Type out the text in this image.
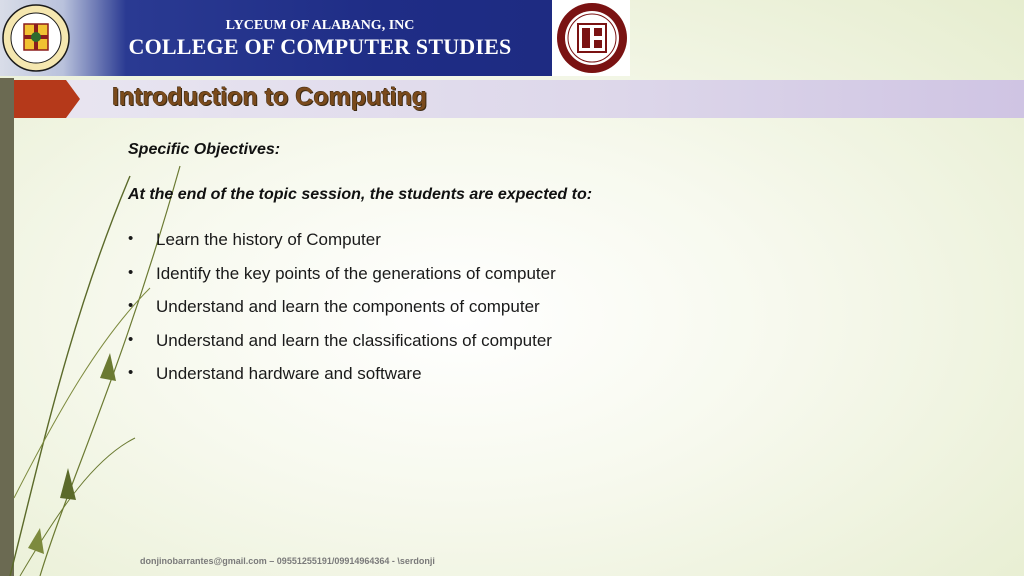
LYCEUM OF ALABANG, INC
COLLEGE OF COMPUTER STUDIES
Introduction to Computing
Specific Objectives:
At the end of the topic session, the students are expected to:
• Learn the history of Computer
• Identify the key points of the generations of computer
• Understand and learn the components of computer
• Understand and learn the classifications of computer
• Understand hardware and software
donjinobarrantes@gmail.com – 09551255191/09914964364 - \serdonji
